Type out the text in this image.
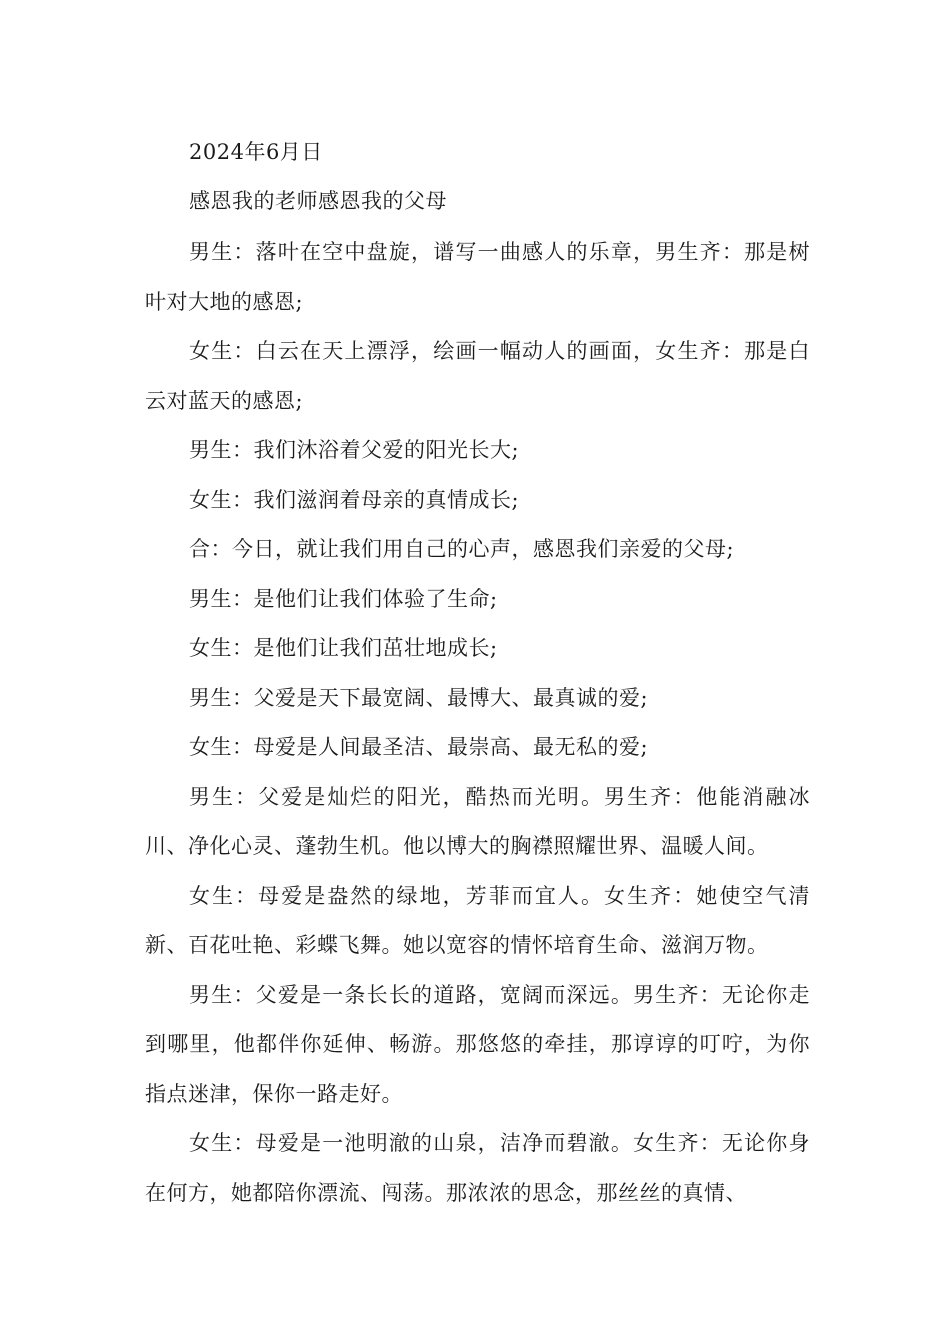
2024年6月日

感恩我的老师感恩我的父母

男生：落叶在空中盘旋，谱写一曲感人的乐章，男生齐：那是树叶对大地的感恩;

女生：白云在天上漂浮，绘画一幅动人的画面，女生齐：那是白云对蓝天的感恩;

男生：我们沐浴着父爱的阳光长大;

女生：我们滋润着母亲的真情成长;

合：今日，就让我们用自己的心声，感恩我们亲爱的父母;

男生：是他们让我们体验了生命;

女生：是他们让我们茁壮地成长;

男生：父爱是天下最宽阔、最博大、最真诚的爱;

女生：母爱是人间最圣洁、最崇高、最无私的爱;

男生：父爱是灿烂的阳光，酷热而光明。男生齐：他能消融冰川、净化心灵、蓬勃生机。他以博大的胸襟照耀世界、温暖人间。

女生：母爱是盎然的绿地，芳菲而宜人。女生齐：她使空气清新、百花吐艳、彩蝶飞舞。她以宽容的情怀培育生命、滋润万物。

男生：父爱是一条长长的道路，宽阔而深远。男生齐：无论你走到哪里，他都伴你延伸、畅游。那悠悠的牵挂，那谆谆的叮咛，为你指点迷津，保你一路走好。

女生：母爱是一池明澈的山泉，洁净而碧澈。女生齐：无论你身在何方，她都陪你漂流、闯荡。那浓浓的思念，那丝丝的真情、
